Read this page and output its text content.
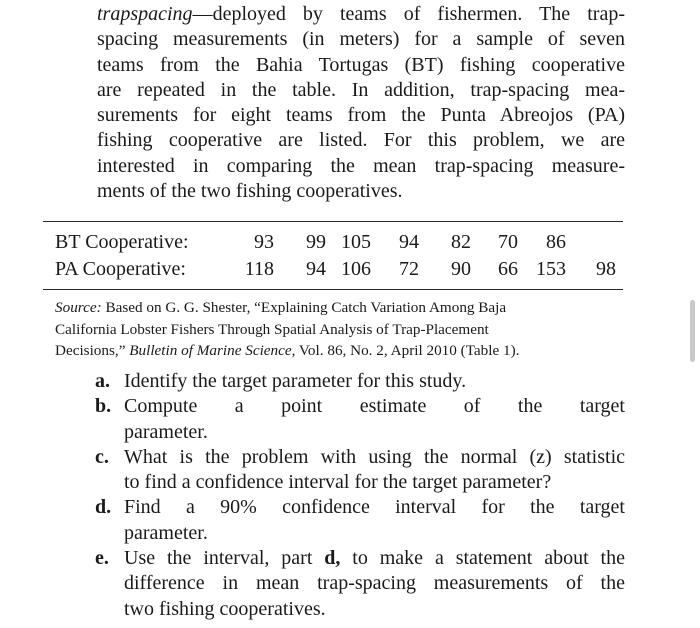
trapspacing—deployed by teams of fishermen. The trap-
spacing measurements (in meters) for a sample of seven
teams from the Bahia Tortugas (BT) fishing cooperative
are repeated in the table. In addition, trap-spacing mea-
surements for eight teams from the Punta Abreojos (PA)
fishing cooperative are listed. For this problem, we are
interested in comparing the mean trap-spacing measure-
ments of the two fishing cooperatives.
BT Cooperative:	93	99 105	94	82	70	86
PA Cooperative:	118	94 106	72	90	66 153	98
Source: Based on G. G. Shester, “Explaining Catch Variation Among Baja
California Lobster Fishers Through Spatial Analysis of Trap-Placement
Decisions,” Bulletin of Marine Science, Vol. 86, No. 2, April 2010 (Table 1).
a. Identify the target parameter for this study.
b. Compute a point estimate of the target
parameter.
c. What is the problem with using the normal (z) statistic
to find a confidence interval for the target parameter?
d. Find a 90% confidence interval for the target
parameter.
e. Use the interval, part d, to make a statement about the
difference in mean trap-spacing measurements of the
two fishing cooperatives.
